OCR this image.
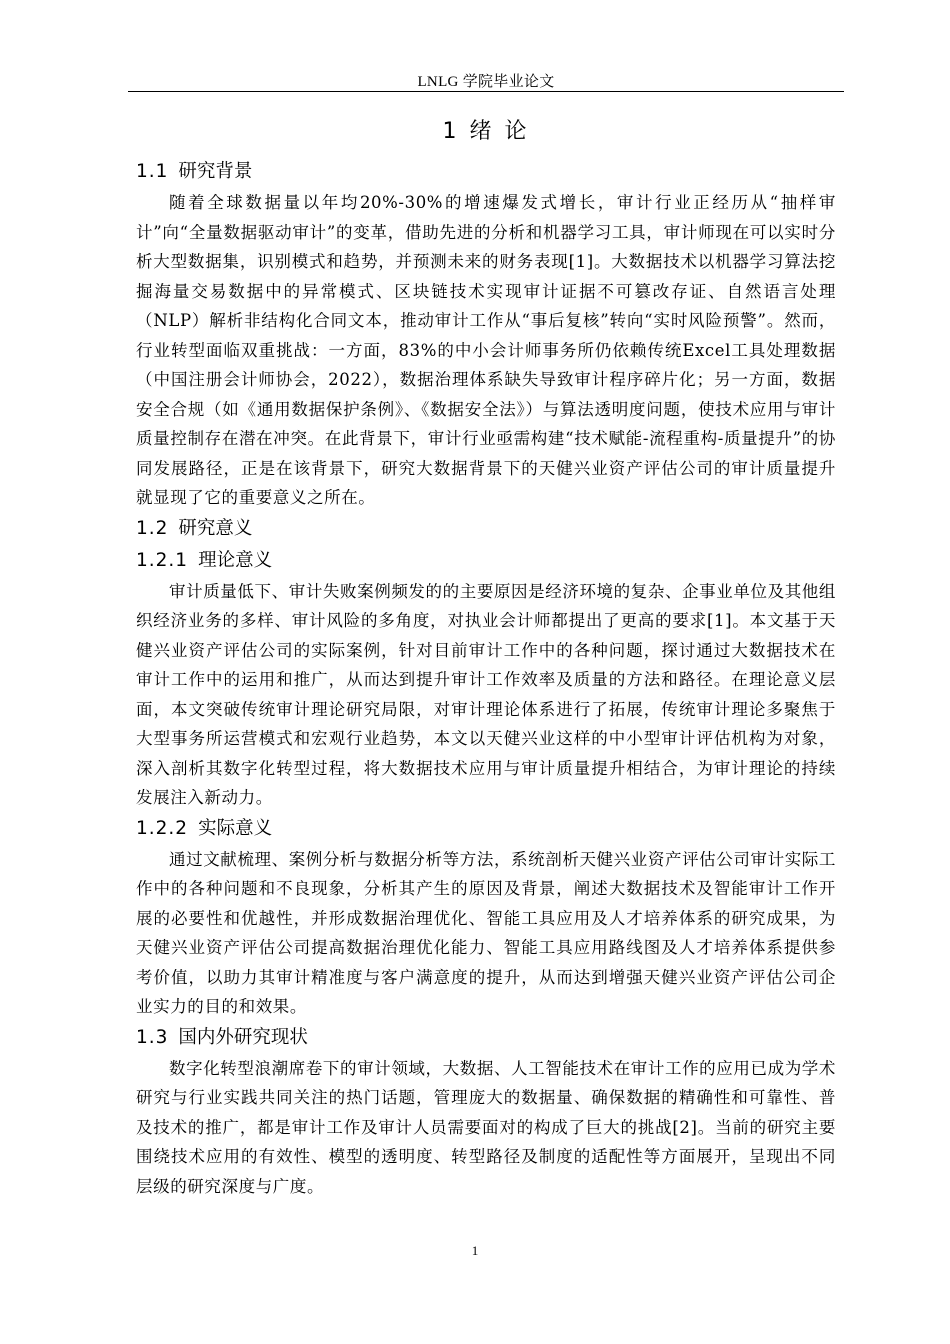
LNLG 学院毕业论文
1 绪 论
1.1 研究背景

随着全球数据量以年均20%-30%的增速爆发式增长，审计行业正经历从“抽样审计”向“全量数据驱动审计”的变革，借助先进的分析和机器学习工具，审计师现在可以实时分析大型数据集，识别模式和趋势，并预测未来的财务表现[1]。大数据技术以机器学习算法挖掘海量交易数据中的异常模式、区块链技术实现审计证据不可篡改存证、自然语言处理（NLP）解析非结构化合同文本，推动审计工作从“事后复核”转向“实时风险预警”。然而，行业转型面临双重挑战：一方面，83%的中小会计师事务所仍依赖传统Excel工具处理数据（中国注册会计师协会，2022），数据治理体系缺失导致审计程序碎片化；另一方面，数据安全合规（如《通用数据保护条例》、《数据安全法》）与算法透明度问题，使技术应用与审计质量控制存在潜在冲突。在此背景下，审计行业亟需构建“技术赋能-流程重构-质量提升”的协同发展路径，正是在该背景下，研究大数据背景下的天健兴业资产评估公司的审计质量提升就显现了它的重要意义之所在。

1.2 研究意义
1.2.1 理论意义

审计质量低下、审计失败案例频发的的主要原因是经济环境的复杂、企事业单位及其他组织经济业务的多样、审计风险的多角度，对执业会计师都提出了更高的要求[1]。本文基于天健兴业资产评估公司的实际案例，针对目前审计工作中的各种问题，探讨通过大数据技术在审计工作中的运用和推广，从而达到提升审计工作效率及质量的方法和路径。在理论意义层面，本文突破传统审计理论研究局限，对审计理论体系进行了拓展，传统审计理论多聚焦于大型事务所运营模式和宏观行业趋势，本文以天健兴业这样的中小型审计评估机构为对象，深入剖析其数字化转型过程，将大数据技术应用与审计质量提升相结合，为审计理论的持续发展注入新动力。

1.2.2 实际意义

通过文献梳理、案例分析与数据分析等方法，系统剖析天健兴业资产评估公司审计实际工作中的各种问题和不良现象，分析其产生的原因及背景，阐述大数据技术及智能审计工作开展的必要性和优越性，并形成数据治理优化、智能工具应用及人才培养体系的研究成果，为天健兴业资产评估公司提高数据治理优化能力、智能工具应用路线图及人才培养体系提供参考价值，以助力其审计精准度与客户满意度的提升，从而达到增强天健兴业资产评估公司企业实力的目的和效果。

1.3 国内外研究现状

数字化转型浪潮席卷下的审计领域，大数据、人工智能技术在审计工作的应用已成为学术研究与行业实践共同关注的热门话题，管理庞大的数据量、确保数据的精确性和可靠性、普及技术的推广，都是审计工作及审计人员需要面对的构成了巨大的挑战[2]。当前的研究主要围绕技术应用的有效性、模型的透明度、转型路径及制度的适配性等方面展开，呈现出不同层级的研究深度与广度。

1
